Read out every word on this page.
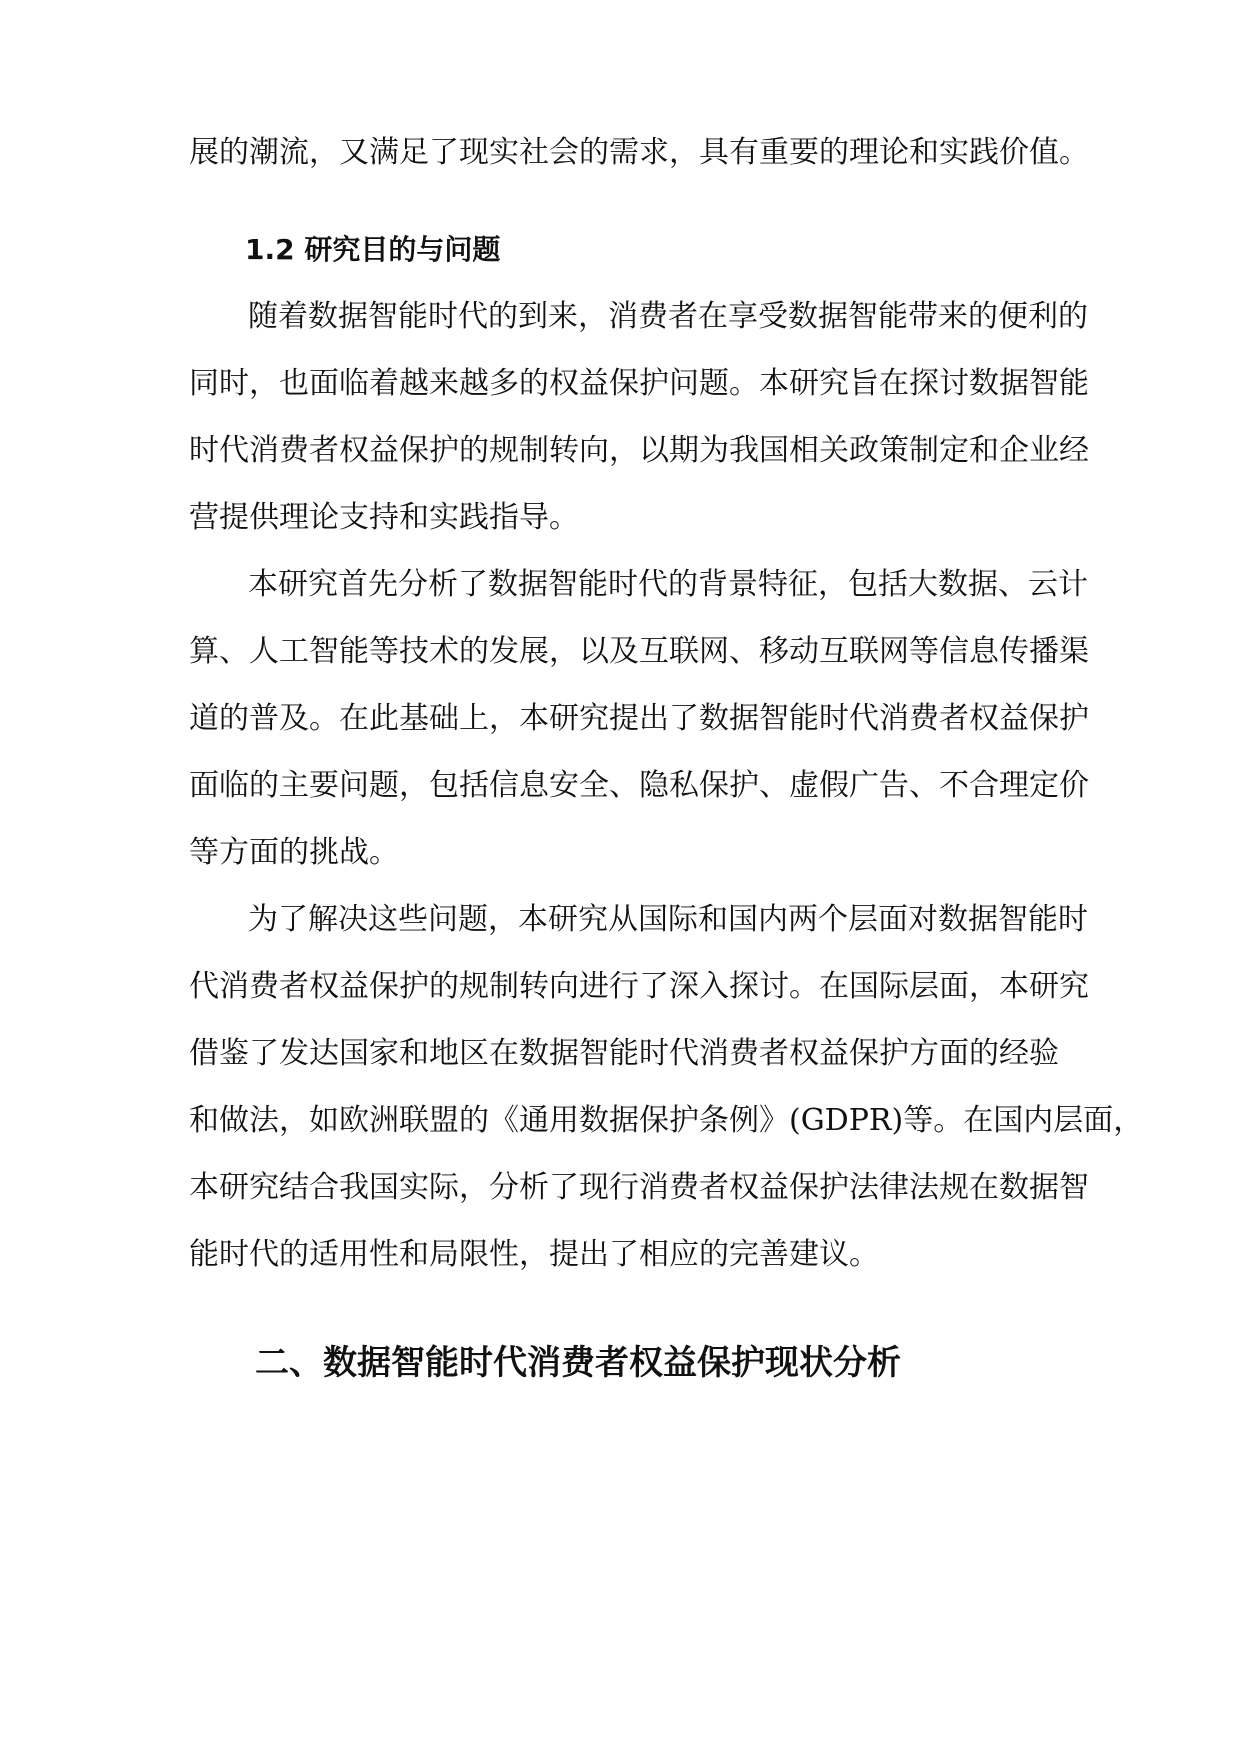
展的潮流，又满足了现实社会的需求，具有重要的理论和实践价值。
1.2 研究目的与问题
随着数据智能时代的到来，消费者在享受数据智能带来的便利的
同时，也面临着越来越多的权益保护问题。本研究旨在探讨数据智能
时代消费者权益保护的规制转向，以期为我国相关政策制定和企业经
营提供理论支持和实践指导。
本研究首先分析了数据智能时代的背景特征，包括大数据、云计
算、人工智能等技术的发展，以及互联网、移动互联网等信息传播渠
道的普及。在此基础上，本研究提出了数据智能时代消费者权益保护
面临的主要问题，包括信息安全、隐私保护、虚假广告、不合理定价
等方面的挑战。
为了解决这些问题，本研究从国际和国内两个层面对数据智能时
代消费者权益保护的规制转向进行了深入探讨。在国际层面，本研究
借鉴了发达国家和地区在数据智能时代消费者权益保护方面的经验
和做法，如欧洲联盟的《通用数据保护条例》(GDPR)等。在国内层面，
本研究结合我国实际，分析了现行消费者权益保护法律法规在数据智
能时代的适用性和局限性，提出了相应的完善建议。
二、数据智能时代消费者权益保护现状分析
